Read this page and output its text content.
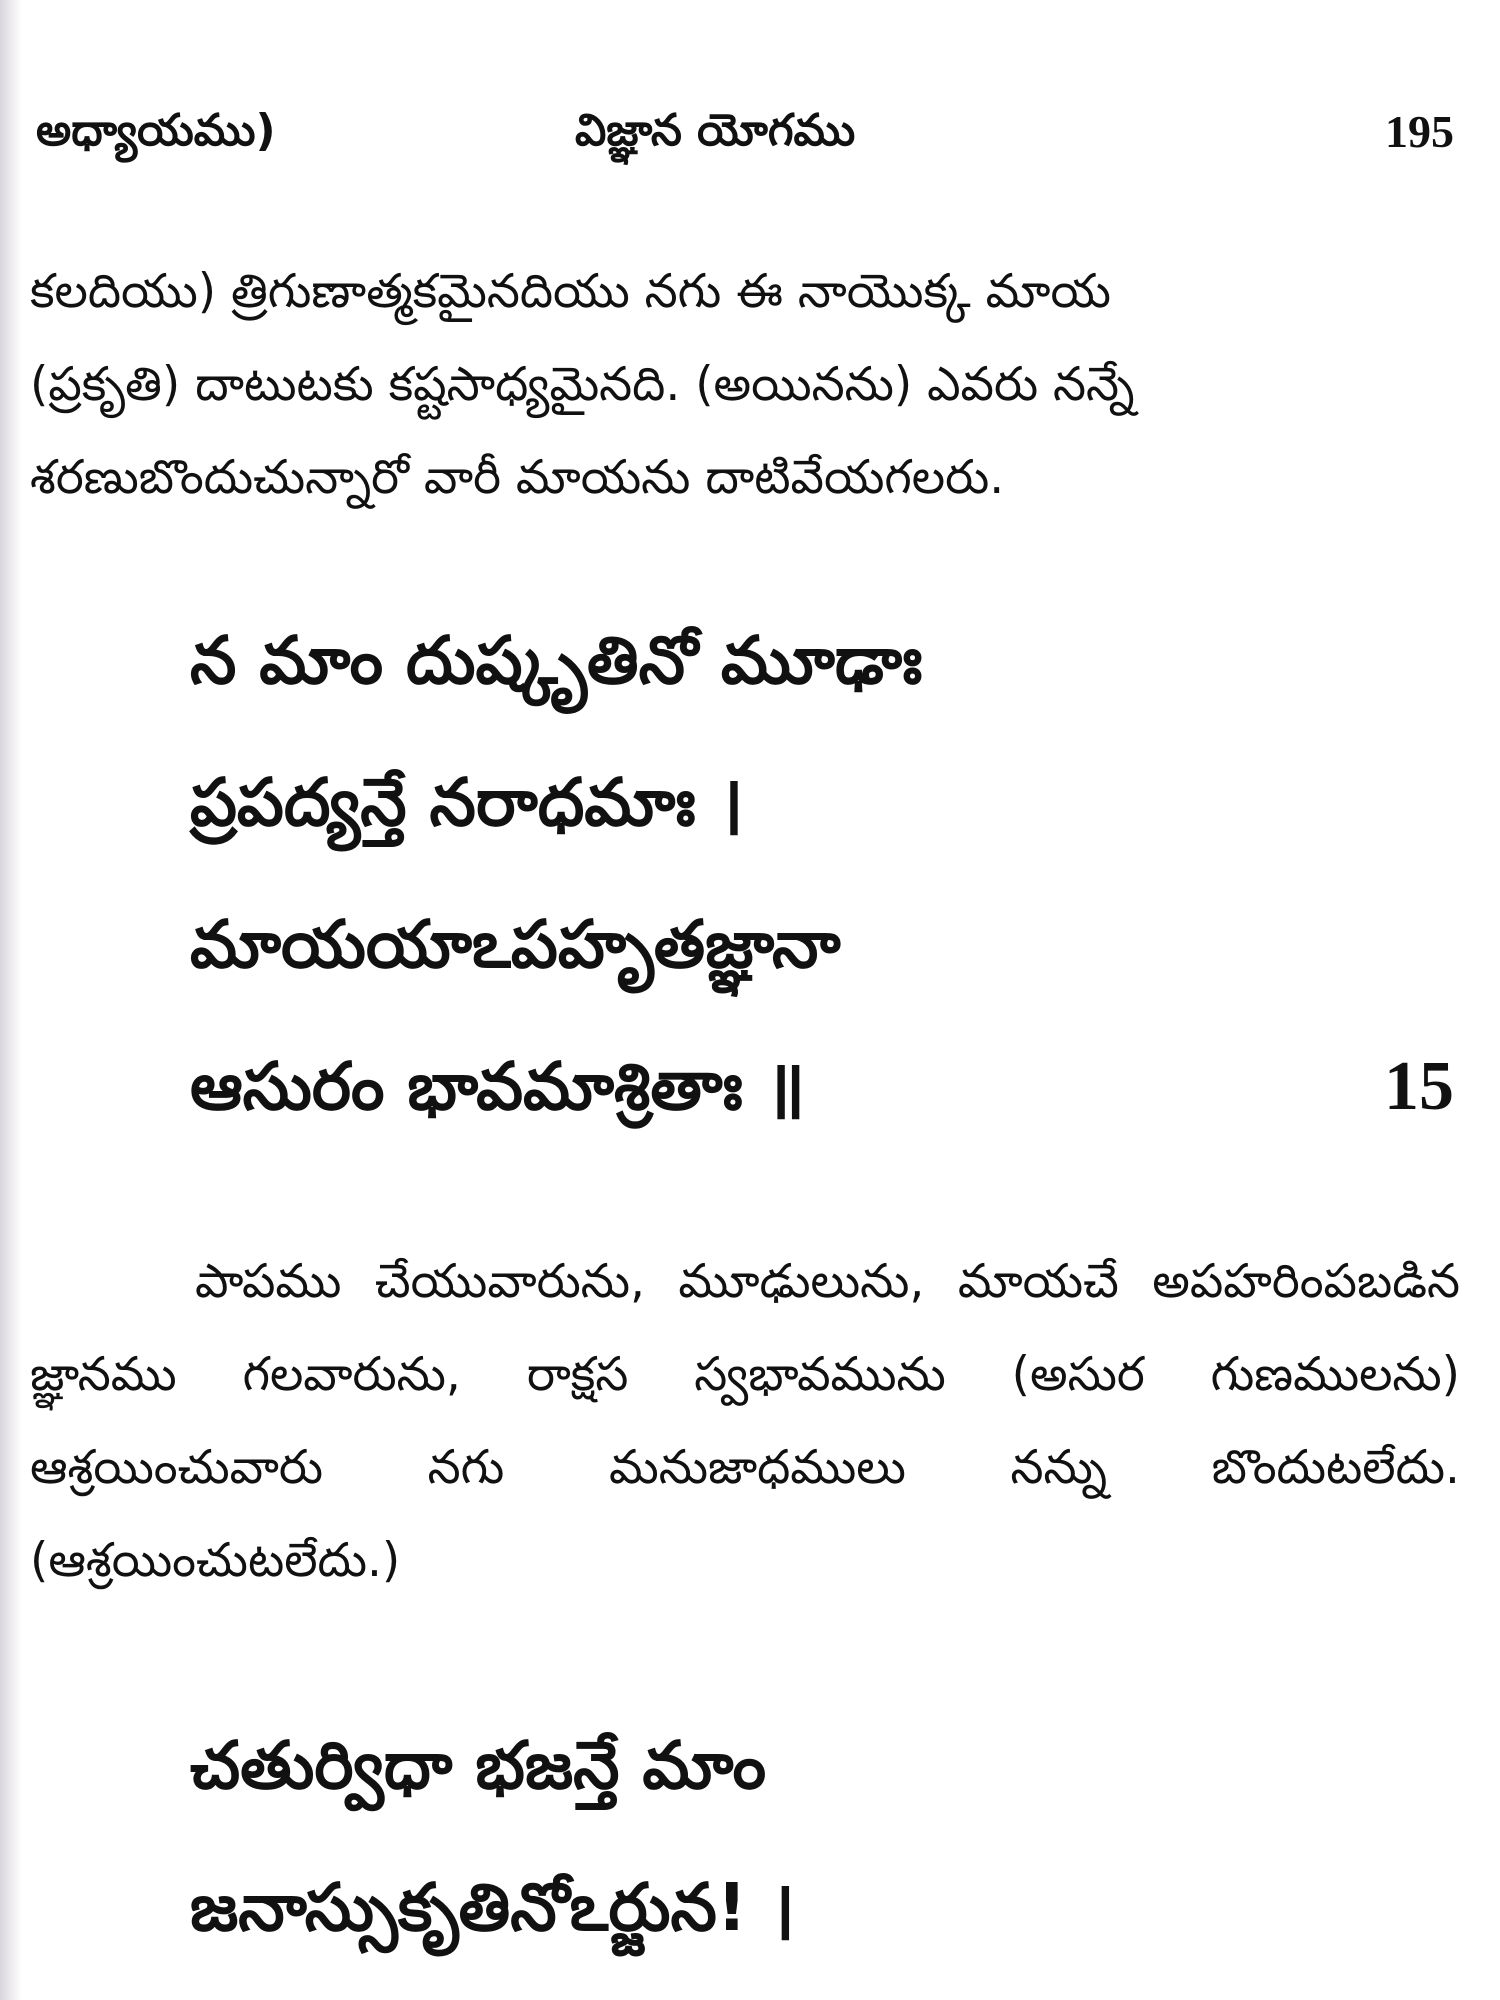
అధ్యాయము)	విజ్ఞాన యోగము	195

కలదియు) త్రిగుణాత్మకమైనదియు నగు ఈ నాయొక్క మాయ

(ప్రకృతి) దాటుటకు కష్టసాధ్యమైనది. (అయినను) ఎవరు నన్నే

శరణుబొందుచున్నారో వారీ మాయను దాటివేయగలరు.

న మాం దుష్కృతినో మూఢాః
ప్రపద్యన్తే నరాధమాః ।
మాయయాఽపహృతజ్ఞానా
ఆసురం భావమాశ్రితాః ॥	15

పాపము చేయువారును, మూఢులును, మాయచే అపహరింపబడిన జ్ఞానము గలవారును, రాక్షస స్వభావమును (అసుర గుణములను) ఆశ్రయించువారు నగు మనుజాధములు నన్ను బొందుటలేదు. (ఆశ్రయించుటలేదు.)

చతుర్విధా భజన్తే మాం
జనాస్సుకృతినోఽర్జున! ।
